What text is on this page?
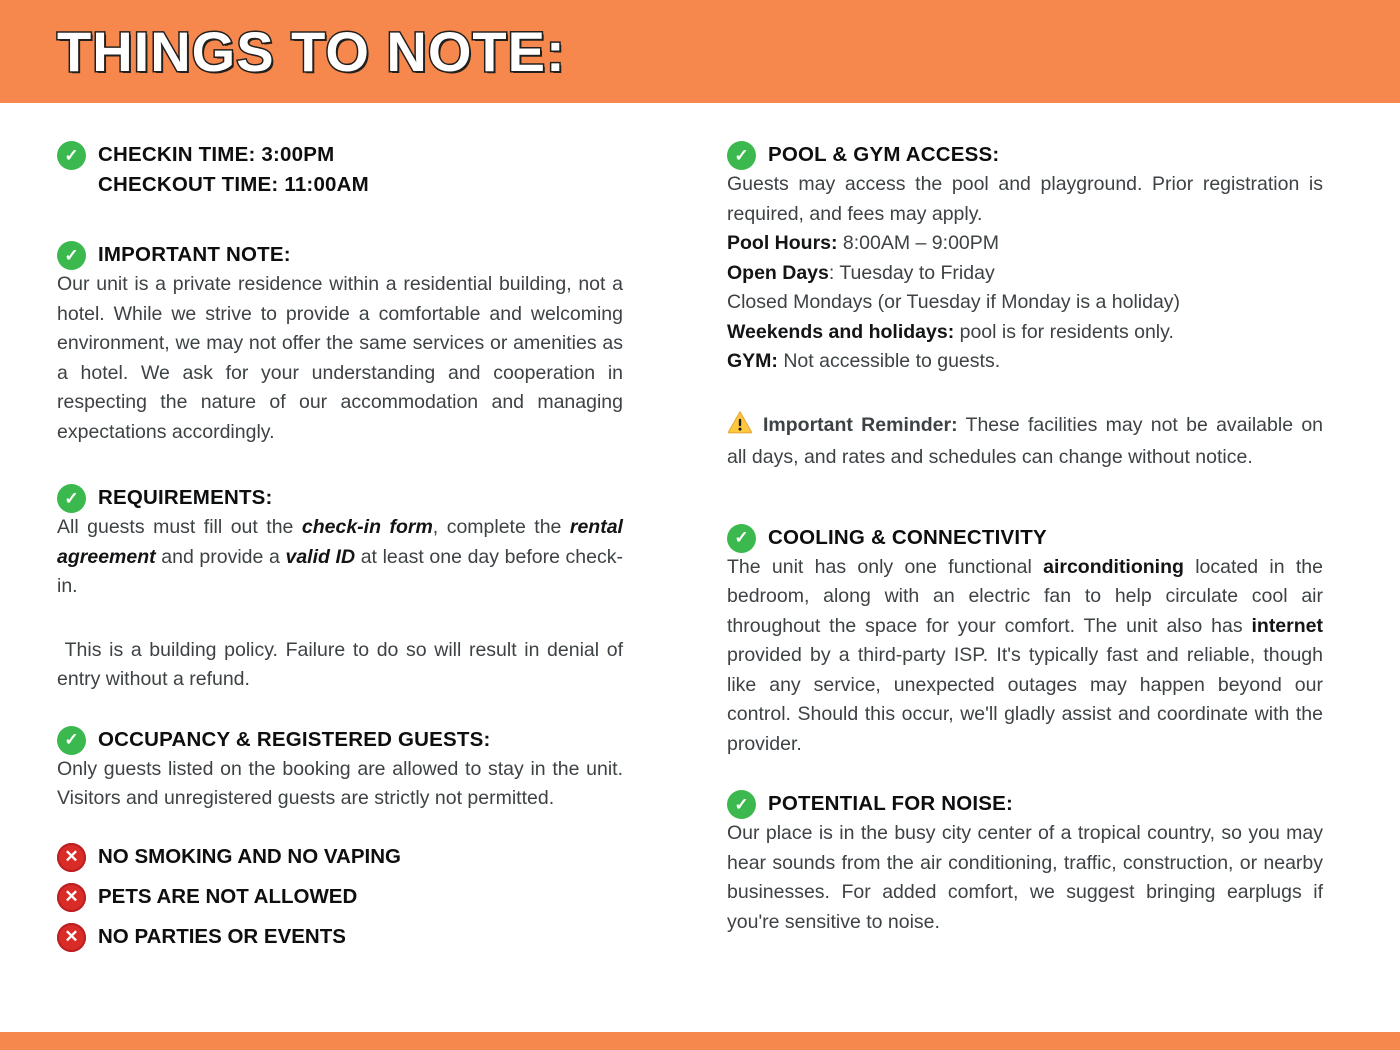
THINGS TO NOTE:
✓ CHECKIN TIME: 3:00PM
CHECKOUT TIME: 11:00AM
✓ IMPORTANT NOTE:
Our unit is a private residence within a residential building, not a hotel. While we strive to provide a comfortable and welcoming environment, we may not offer the same services or amenities as a hotel. We ask for your understanding and cooperation in respecting the nature of our accommodation and managing expectations accordingly.
✓ REQUIREMENTS:
All guests must fill out the check-in form, complete the rental agreement and provide a valid ID at least one day before check-in.
This is a building policy. Failure to do so will result in denial of entry without a refund.
✓ OCCUPANCY & REGISTERED GUESTS:
Only guests listed on the booking are allowed to stay in the unit. Visitors and unregistered guests are strictly not permitted.
✕ NO SMOKING AND NO VAPING
✕ PETS ARE NOT ALLOWED
✕ NO PARTIES OR EVENTS
✓ POOL & GYM ACCESS:
Guests may access the pool and playground. Prior registration is required, and fees may apply.
Pool Hours: 8:00AM – 9:00PM
Open Days: Tuesday to Friday
Closed Mondays (or Tuesday if Monday is a holiday)
Weekends and holidays: pool is for residents only.
GYM: Not accessible to guests.
Important Reminder: These facilities may not be available on all days, and rates and schedules can change without notice.
✓ COOLING & CONNECTIVITY
The unit has only one functional airconditioning located in the bedroom, along with an electric fan to help circulate cool air throughout the space for your comfort. The unit also has internet provided by a third-party ISP. It's typically fast and reliable, though like any service, unexpected outages may happen beyond our control. Should this occur, we'll gladly assist and coordinate with the provider.
✓ POTENTIAL FOR NOISE:
Our place is in the busy city center of a tropical country, so you may hear sounds from the air conditioning, traffic, construction, or nearby businesses. For added comfort, we suggest bringing earplugs if you're sensitive to noise.
